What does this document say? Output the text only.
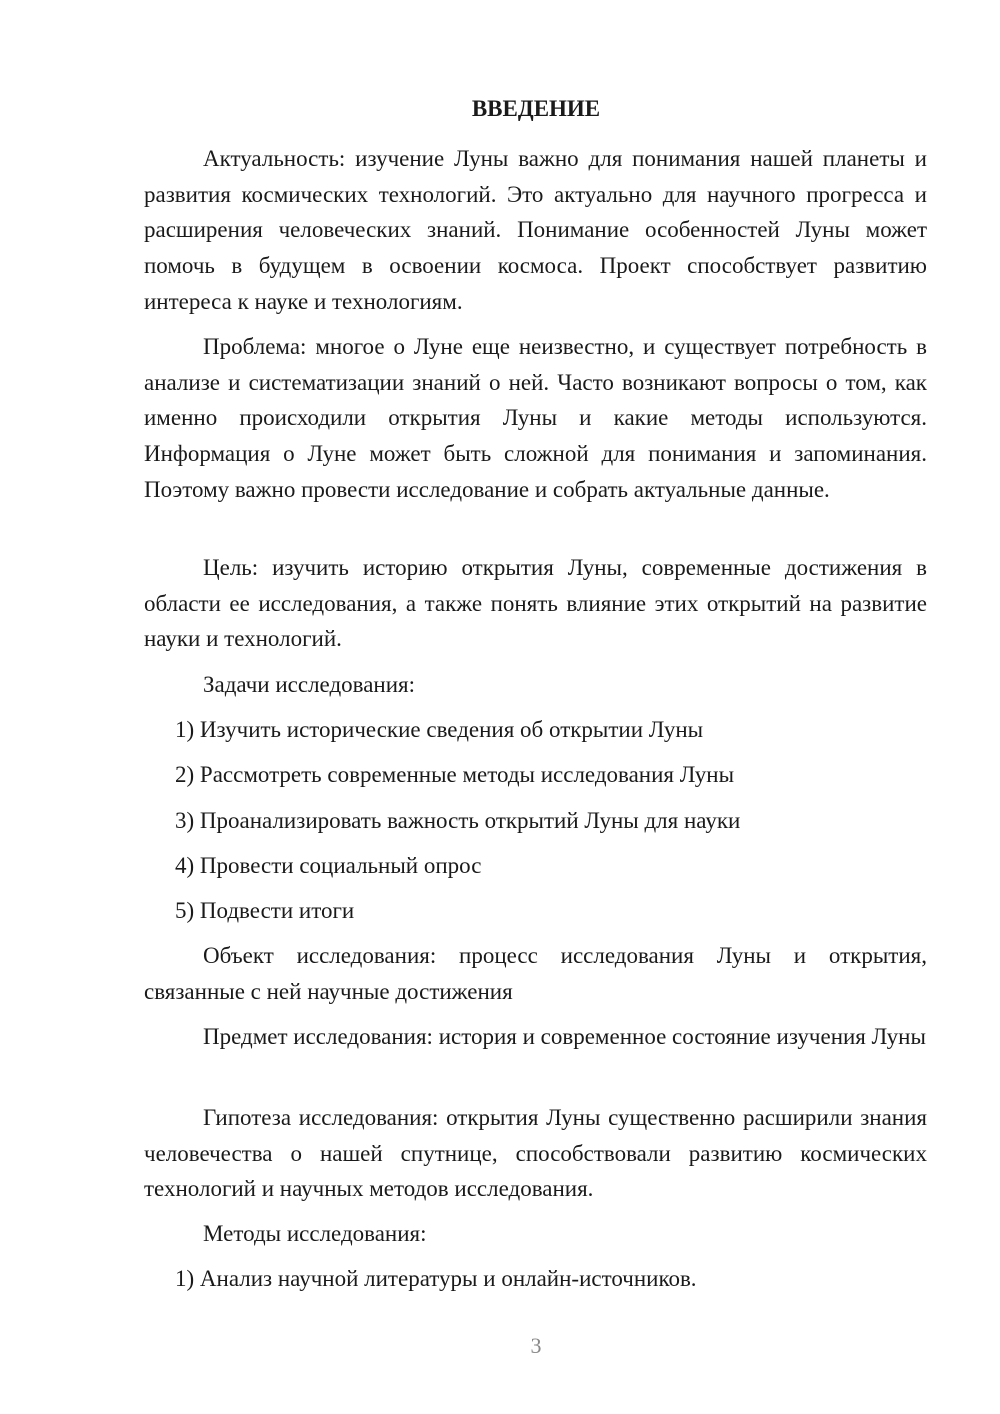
ВВЕДЕНИЕ

Актуальность: изучение Луны важно для понимания нашей планеты и развития космических технологий. Это актуально для научного прогресса и расширения человеческих знаний. Понимание особенностей Луны может помочь в будущем в освоении космоса. Проект способствует развитию интереса к науке и технологиям.

Проблема: многое о Луне еще неизвестно, и существует потребность в анализе и систематизации знаний о ней. Часто возникают вопросы о том, как именно происходили открытия Луны и какие методы используются. Информация о Луне может быть сложной для понимания и запоминания. Поэтому важно провести исследование и собрать актуальные данные.

Цель: изучить историю открытия Луны, современные достижения в области ее исследования, а также понять влияние этих открытий на развитие науки и технологий.

Задачи исследования:

1) Изучить исторические сведения об открытии Луны

2) Рассмотреть современные методы исследования Луны

3) Проанализировать важность открытий Луны для науки

4) Провести социальный опрос

5) Подвести итоги

Объект исследования: процесс исследования Луны и открытия, связанные с ней научные достижения

Предмет исследования: история и современное состояние изучения Луны

Гипотеза исследования: открытия Луны существенно расширили знания человечества о нашей спутнице, способствовали развитию космических технологий и научных методов исследования.

Методы исследования:

1) Анализ научной литературы и онлайн-источников.

3
